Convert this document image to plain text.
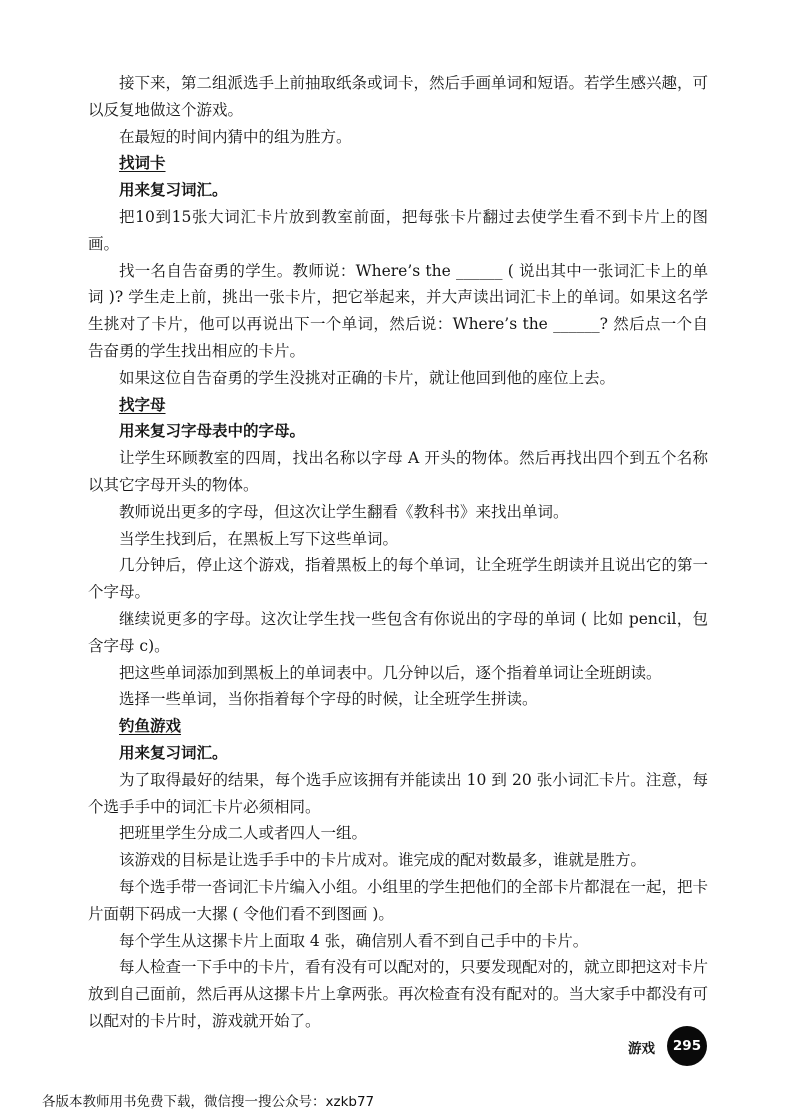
接下来，第二组派选手上前抽取纸条或词卡，然后手画单词和短语。若学生感兴趣，可以反复地做这个游戏。

在最短的时间内猜中的组为胜方。

找词卡

用来复习词汇。

把10到15张大词汇卡片放到教室前面，把每张卡片翻过去使学生看不到卡片上的图画。

找一名自告奋勇的学生。教师说：Where’s the ______ ( 说出其中一张词汇卡上的单词 )? 学生走上前，挑出一张卡片，把它举起来，并大声读出词汇卡上的单词。如果这名学生挑对了卡片，他可以再说出下一个单词，然后说：Where’s the ______? 然后点一个自告奋勇的学生找出相应的卡片。

如果这位自告奋勇的学生没挑对正确的卡片，就让他回到他的座位上去。

找字母

用来复习字母表中的字母。

让学生环顾教室的四周，找出名称以字母 A 开头的物体。然后再找出四个到五个名称以其它字母开头的物体。

教师说出更多的字母，但这次让学生翻看《教科书》来找出单词。

当学生找到后，在黑板上写下这些单词。

几分钟后，停止这个游戏，指着黑板上的每个单词，让全班学生朗读并且说出它的第一个字母。

继续说更多的字母。这次让学生找一些包含有你说出的字母的单词 ( 比如 pencil，包含字母 c)。

把这些单词添加到黑板上的单词表中。几分钟以后，逐个指着单词让全班朗读。

选择一些单词，当你指着每个字母的时候，让全班学生拼读。

钓鱼游戏

用来复习词汇。

为了取得最好的结果，每个选手应该拥有并能读出 10 到 20 张小词汇卡片。注意，每个选手手中的词汇卡片必须相同。

把班里学生分成二人或者四人一组。

该游戏的目标是让选手手中的卡片成对。谁完成的配对数最多，谁就是胜方。

每个选手带一沓词汇卡片编入小组。小组里的学生把他们的全部卡片都混在一起，把卡片面朝下码成一大摞 ( 令他们看不到图画 )。

每个学生从这摞卡片上面取 4 张，确信别人看不到自己手中的卡片。

每人检查一下手中的卡片，看有没有可以配对的，只要发现配对的，就立即把这对卡片放到自己面前，然后再从这摞卡片上拿两张。再次检查有没有配对的。当大家手中都没有可以配对的卡片时，游戏就开始了。

游戏	295
各版本教师用书免费下载，微信搜一搜公众号：xzkb77
